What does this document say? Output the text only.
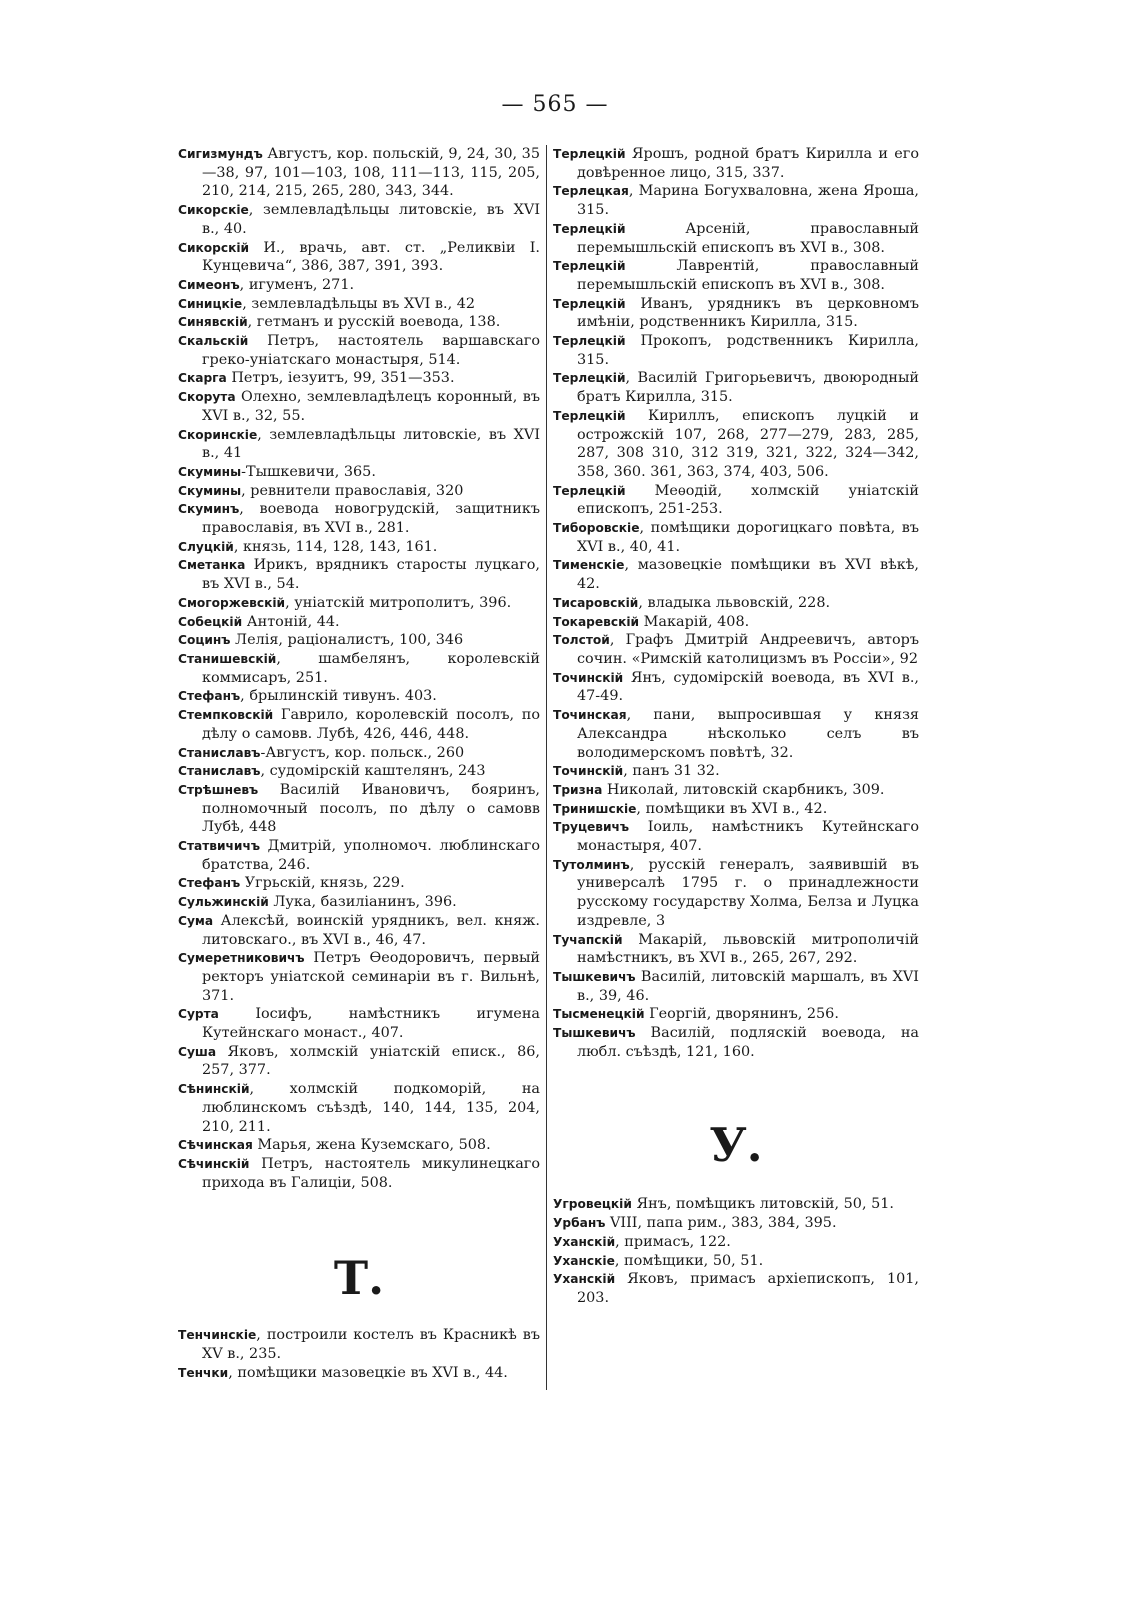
— 565 —
Сигизмундъ Августъ, кор. польскій, 9, 24, 30, 35—38, 97, 101—103, 108, 111—113, 115, 205, 210, 214, 215, 265, 280, 343, 344.
Сикорскіе, землевладѣльцы литовскіе, въ XVI в., 40.
Сикорскій И., врачь, авт. ст. „Реликвіи І. Кунцевича“, 386, 387, 391, 393.
Симеонъ, игуменъ, 271.
Синицкіе, землевладѣльцы въ XVI в., 42
Синявскій, гетманъ и русскій воевода, 138.
Скальскій Петръ, настоятель варшавскаго греко-уніатскаго монастыря, 514.
Скарга Петръ, іезуитъ, 99, 351—353.
Скорута Олехно, землевладѣлецъ коронный, въ XVI в., 32, 55.
Скоринскіе, землевладѣльцы литовскіе, въ XVI в., 41
Скумины-Тышкевичи, 365.
Скумины, ревнители православія, 320
Скуминъ, воевода новогрудскій, защитникъ православія, въ XVI в., 281.
Слуцкій, князь, 114, 128, 143, 161.
Сметанка Ирикъ, врядникъ старосты луцкаго, въ XVI в., 54.
Смогоржевскій, уніатскій митрополитъ, 396.
Собецкій Антоній, 44.
Социнъ Лелія, раціоналистъ, 100, 346
Станишевскій, шамбелянъ, королевскій коммисаръ, 251.
Стефанъ, брылинскій тивунъ. 403.
Стемпковскій Гаврило, королевскій посолъ, по дѣлу о самовв. Лубѣ, 426, 446, 448.
Станиславъ-Августъ, кор. польск., 260
Станиславъ, судомірскій каштелянъ, 243
Стрѣшневъ Василій Ивановичъ, бояринъ, полномочный посолъ, по дѣлу о самовв Лубѣ, 448
Статвичичъ Дмитрій, уполномоч. люблинскаго братства, 246.
Стефанъ Угрьскій, князь, 229.
Сульжинскій Лука, базиліанинъ, 396.
Сума Алексѣй, воинскій урядникъ, вел. княж. литовскаго., въ XVI в., 46, 47.
Сумеретниковичъ Петръ Ѳеодоровичъ, первый ректоръ уніатской семинаріи въ г. Вильнѣ, 371.
Сурта Іосифъ, намѣстникъ игумена Кутейнскаго монаст., 407.
Суша Яковъ, холмскій уніатскій еписк., 86, 257, 377.
Сѣнинскій, холмскій подкоморій, на люблинскомъ съѣздѣ, 140, 144, 135, 204, 210, 211.
Сѣчинская Марья, жена Куземскаго, 508.
Сѣчинскій Петръ, настоятель микулинецкаго прихода въ Галиціи, 508.
Т.
Тенчинскіе, построили костелъ въ Красникѣ въ XV в., 235.
Тенчки, помѣщики мазовецкіе въ XVI в., 44.
Терлецкій Ярошъ, родной братъ Кирилла и его довѣренное лицо, 315, 337.
Терлецкая, Марина Богухваловна, жена Яроша, 315.
Терлецкій Арсеній, православный перемышльскій епископъ въ XVI в., 308.
Терлецкій Лаврентій, православный перемышльскій епископъ въ XVI в., 308.
Терлецкій Иванъ, урядникъ въ церковномъ имѣніи, родственникъ Кирилла, 315.
Терлецкій Прокопъ, родственникъ Кирилла, 315.
Терлецкій, Василій Григорьевичъ, двоюродный братъ Кирилла, 315.
Терлецкій Кириллъ, епископъ луцкій и острожскій 107, 268, 277—279, 283, 285, 287, 308 310, 312 319, 321, 322, 324—342, 358, 360. 361, 363, 374, 403, 506.
Терлецкій Меѳодій, холмскій уніатскій епископъ, 251-253.
Тиборовскіе, помѣщики дорогицкаго повѣта, въ XVI в., 40, 41.
Тименскіе, мазовецкіе помѣщики въ XVI вѣкѣ, 42.
Тисаровскій, владыка львовскій, 228.
Токаревскій Макарій, 408.
Толстой, Графъ Дмитрій Андреевичъ, авторъ сочин. «Римскій католицизмъ въ Россіи», 92
Точинскій Янъ, судомірскій воевода, въ XVI в., 47-49.
Точинская, пани, выпросившая у князя Александра нѣсколько селъ въ володимерскомъ повѣтѣ, 32.
Точинскій, панъ 31 32.
Тризна Николай, литовскій скарбникъ, 309.
Тринишскіе, помѣщики въ XVI в., 42.
Труцевичъ Іоиль, намѣстникъ Кутейнскаго монастыря, 407.
Тутолминъ, русскій генералъ, заявившій въ универсалѣ 1795 г. о принадлежности русскому государству Холма, Белза и Луцка издревле, 3
Тучапскій Макарій, львовскій митрополичій намѣстникъ, въ XVI в., 265, 267, 292.
Тышкевичъ Василій, литовскій маршалъ, въ XVI в., 39, 46.
Тысменецкій Георгій, дворянинъ, 256.
Тышкевичъ Василій, подляскій воевода, на любл. съѣздѣ, 121, 160.
У.
Угровецкій Янъ, помѣщикъ литовскій, 50, 51.
Урбанъ VIII, папа рим., 383, 384, 395.
Уханскій, примасъ, 122.
Уханскіе, помѣщики, 50, 51.
Уханскій Яковъ, примасъ архіепископъ, 101, 203.
